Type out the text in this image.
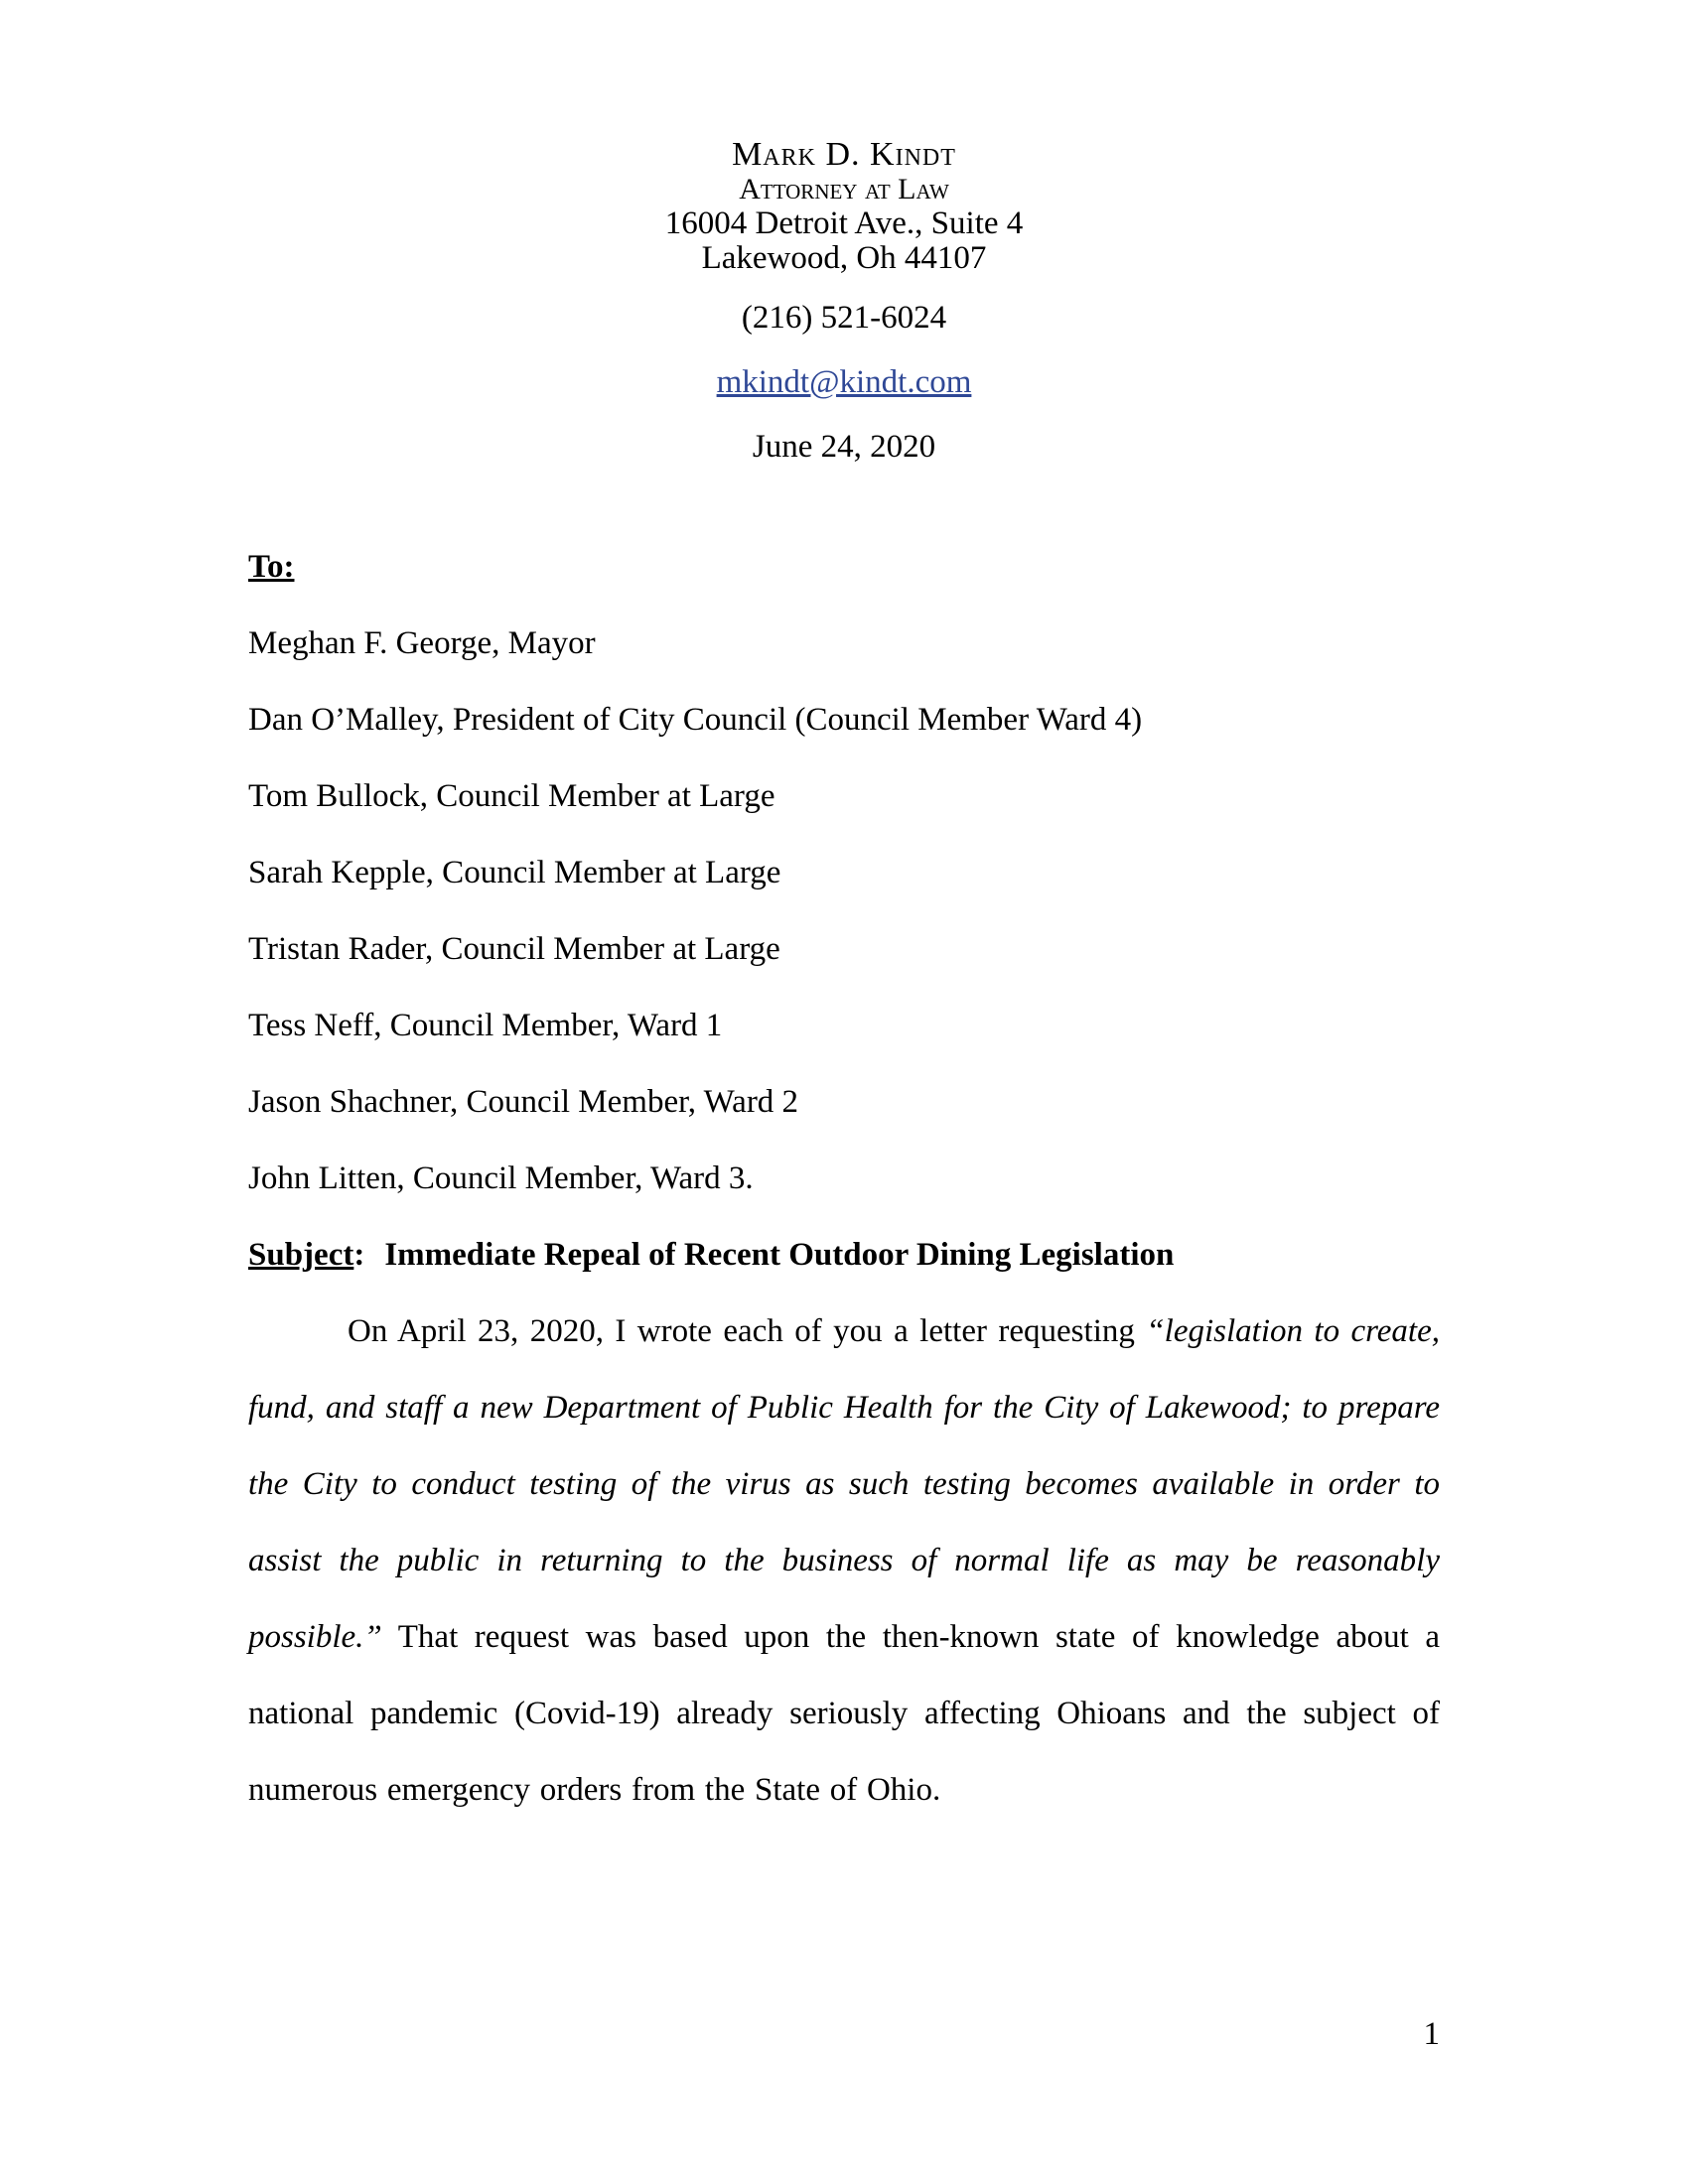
Mark D. Kindt
Attorney at Law
16004 Detroit Ave., Suite 4
Lakewood, Oh 44107
(216) 521-6024
mkindt@kindt.com
June 24, 2020
To:
Meghan F. George, Mayor
Dan O’Malley, President of City Council (Council Member Ward 4)
Tom Bullock, Council Member at Large
Sarah Kepple, Council Member at Large
Tristan Rader, Council Member at Large
Tess Neff, Council Member, Ward 1
Jason Shachner, Council Member, Ward 2
John Litten, Council Member, Ward 3.
Subject: Immediate Repeal of Recent Outdoor Dining Legislation
On April 23, 2020, I wrote each of you a letter requesting “legislation to create, fund, and staff a new Department of Public Health for the City of Lakewood; to prepare the City to conduct testing of the virus as such testing becomes available in order to assist the public in returning to the business of normal life as may be reasonably possible.” That request was based upon the then-known state of knowledge about a national pandemic (Covid-19) already seriously affecting Ohioans and the subject of numerous emergency orders from the State of Ohio.
1
